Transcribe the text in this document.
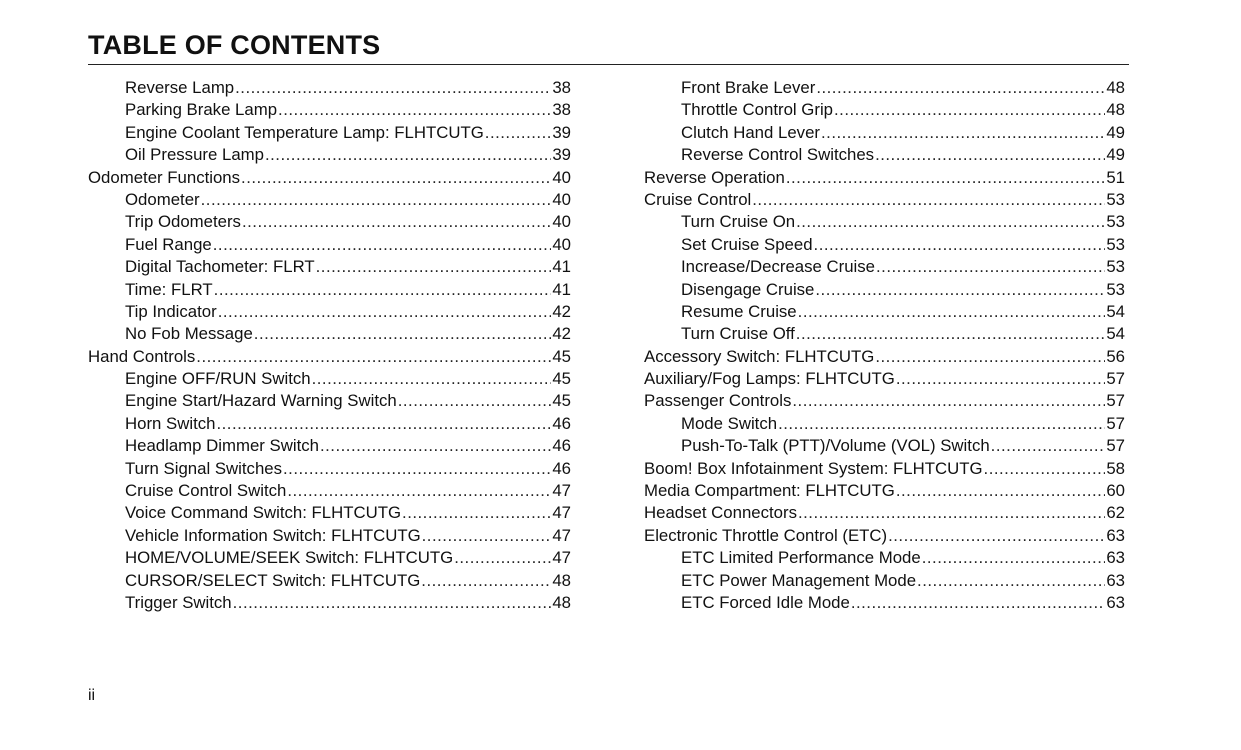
TABLE OF CONTENTS
Reverse Lamp .....	38
Parking Brake Lamp .....	38
Engine Coolant Temperature Lamp: FLHTCUTG .....	39
Oil Pressure Lamp .....	39
Odometer Functions .....	40
Odometer .....	40
Trip Odometers .....	40
Fuel Range .....	40
Digital Tachometer: FLRT .....	41
Time: FLRT .....	41
Tip Indicator .....	42
No Fob Message .....	42
Hand Controls .....	45
Engine OFF/RUN Switch .....	45
Engine Start/Hazard Warning Switch .....	45
Horn Switch .....	46
Headlamp Dimmer Switch .....	46
Turn Signal Switches .....	46
Cruise Control Switch .....	47
Voice Command Switch: FLHTCUTG .....	47
Vehicle Information Switch: FLHTCUTG .....	47
HOME/VOLUME/SEEK Switch: FLHTCUTG .....	47
CURSOR/SELECT Switch: FLHTCUTG .....	48
Trigger Switch .....	48
Front Brake Lever .....	48
Throttle Control Grip .....	48
Clutch Hand Lever .....	49
Reverse Control Switches .....	49
Reverse Operation .....	51
Cruise Control .....	53
Turn Cruise On .....	53
Set Cruise Speed .....	53
Increase/Decrease Cruise .....	53
Disengage Cruise .....	53
Resume Cruise .....	54
Turn Cruise Off .....	54
Accessory Switch: FLHTCUTG .....	56
Auxiliary/Fog Lamps: FLHTCUTG .....	57
Passenger Controls .....	57
Mode Switch .....	57
Push-To-Talk (PTT)/Volume (VOL) Switch .....	57
Boom! Box Infotainment System: FLHTCUTG .....	58
Media Compartment: FLHTCUTG .....	60
Headset Connectors .....	62
Electronic Throttle Control (ETC) .....	63
ETC Limited Performance Mode .....	63
ETC Power Management Mode .....	63
ETC Forced Idle Mode .....	63
ii
